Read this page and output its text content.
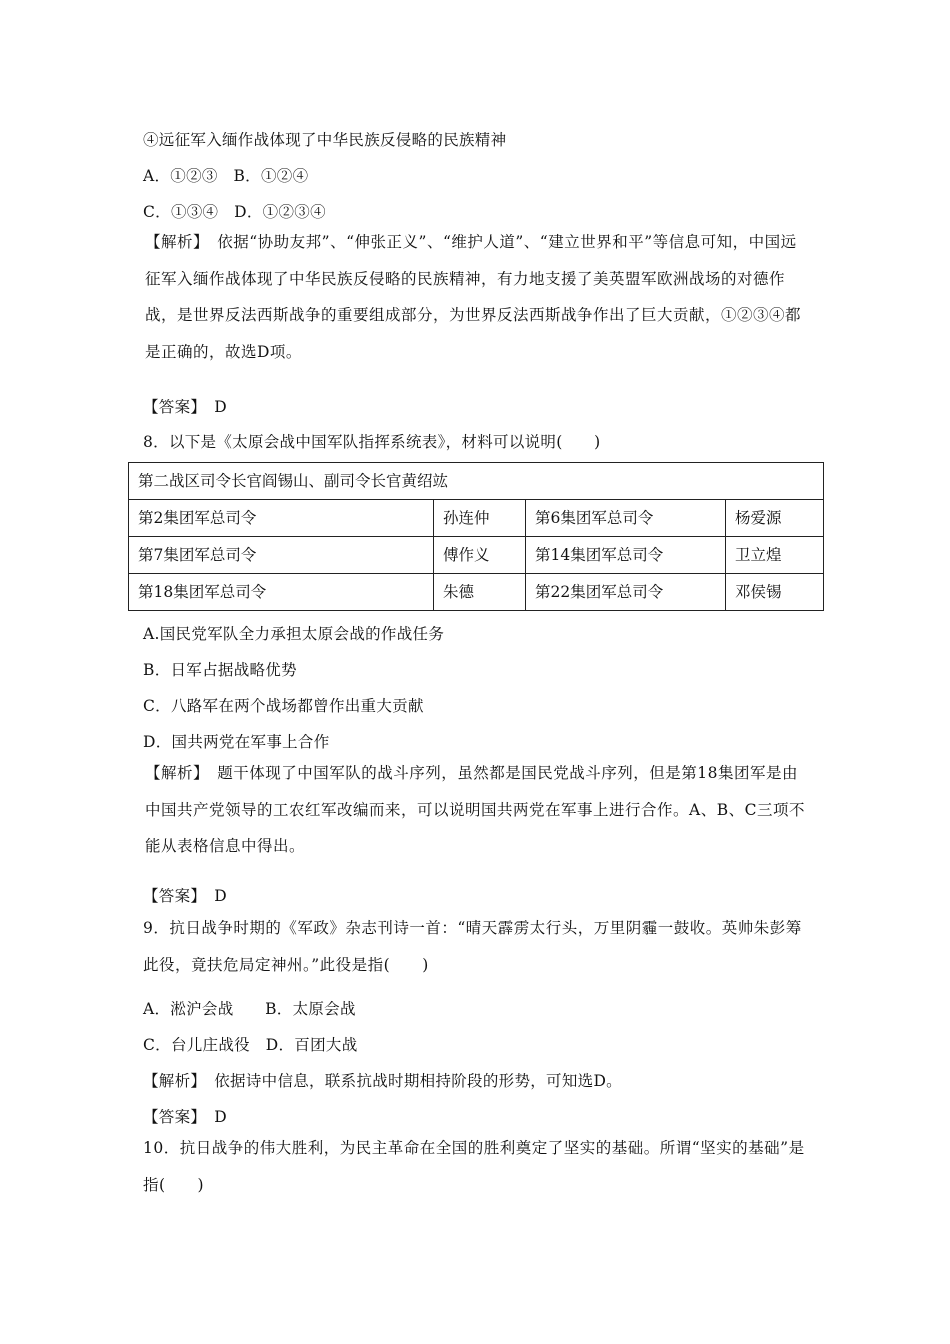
④远征军入缅作战体现了中华民族反侵略的民族精神
A．①②③　B．①②④
C．①③④　D．①②③④
【解析】　依据“协助友邦”、“伸张正义”、“维护人道”、“建立世界和平”等信息可知，中国远征军入缅作战体现了中华民族反侵略的民族精神，有力地支援了美英盟军欧洲战场的对德作战，是世界反法西斯战争的重要组成部分，为世界反法西斯战争作出了巨大贡献，①②③④都是正确的，故选D项。
【答案】　D
8．以下是《太原会战中国军队指挥系统表》，材料可以说明(　　)
第二战区司令长官阎锡山、副司令长官黄绍竑			
第2集团军总司令	孙连仲	第6集团军总司令	杨爱源
第7集团军总司令	傅作义	第14集团军总司令	卫立煌
第18集团军总司令	朱德	第22集团军总司令	邓侯锡
A.国民党军队全力承担太原会战的作战任务
B．日军占据战略优势
C．八路军在两个战场都曾作出重大贡献
D．国共两党在军事上合作
【解析】　题干体现了中国军队的战斗序列，虽然都是国民党战斗序列，但是第18集团军是由中国共产党领导的工农红军改编而来，可以说明国共两党在军事上进行合作。A、B、C三项不能从表格信息中得出。
【答案】　D
9．抗日战争时期的《军政》杂志刊诗一首：“晴天霹雳太行头，万里阴霾一鼓收。英帅朱彭筹此役，竟扶危局定神州。”此役是指(　　)
A．淞沪会战　　B．太原会战
C．台儿庄战役　D．百团大战
【解析】　依据诗中信息，联系抗战时期相持阶段的形势，可知选D。
【答案】　D
10．抗日战争的伟大胜利，为民主革命在全国的胜利奠定了坚实的基础。所谓“坚实的基础”是指(　　)
